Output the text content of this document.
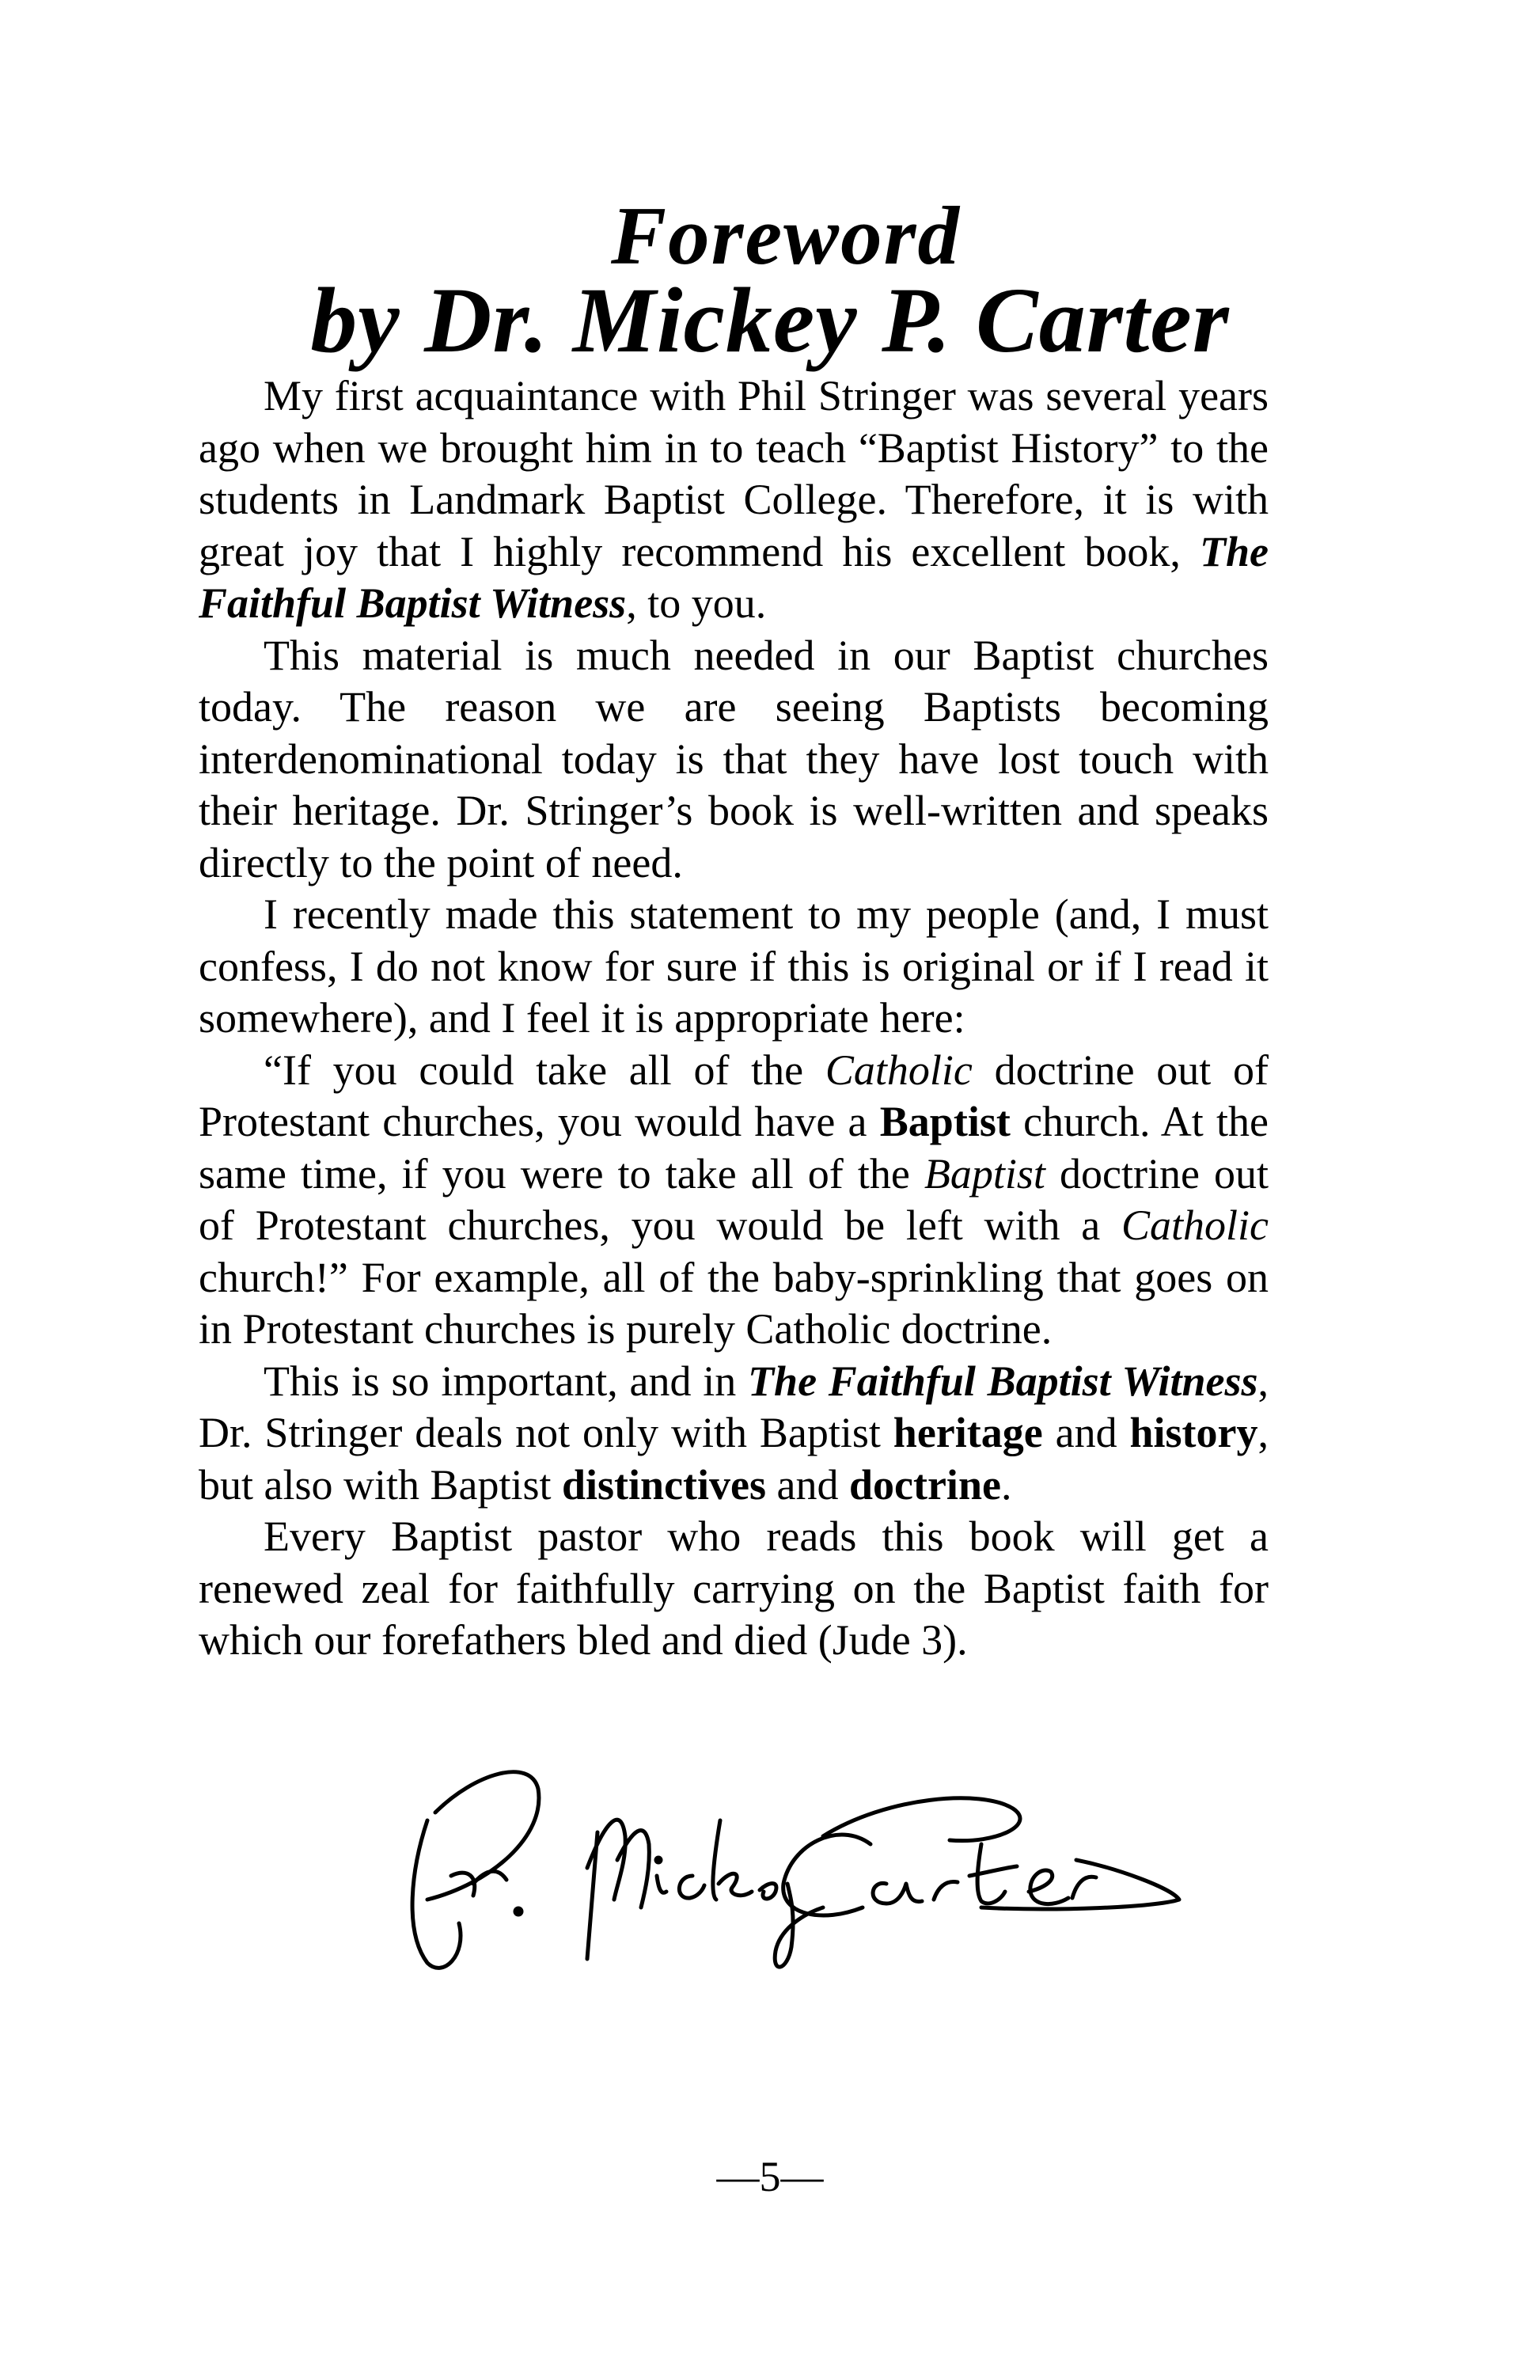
Foreword
by Dr. Mickey P. Carter

My first acquaintance with Phil Stringer was several years ago when we brought him in to teach “Baptist History” to the students in Landmark Baptist College. Therefore, it is with great joy that I highly recommend his excellent book, The Faithful Baptist Witness, to you.

This material is much needed in our Baptist churches today. The reason we are seeing Baptists becoming interdenominational today is that they have lost touch with their heritage. Dr. Stringer’s book is well-written and speaks directly to the point of need.

I recently made this statement to my people (and, I must confess, I do not know for sure if this is original or if I read it somewhere), and I feel it is appropriate here:

“If you could take all of the Catholic doctrine out of Protestant churches, you would have a Baptist church. At the same time, if you were to take all of the Baptist doctrine out of Protestant churches, you would be left with a Catholic church!” For example, all of the baby-sprinkling that goes on in Protestant churches is purely Catholic doctrine.

This is so important, and in The Faithful Baptist Witness, Dr. Stringer deals not only with Baptist heritage and history, but also with Baptist distinctives and doctrine.

Every Baptist pastor who reads this book will get a renewed zeal for faithfully carrying on the Baptist faith for which our forefathers bled and died (Jude 3).

—5—
